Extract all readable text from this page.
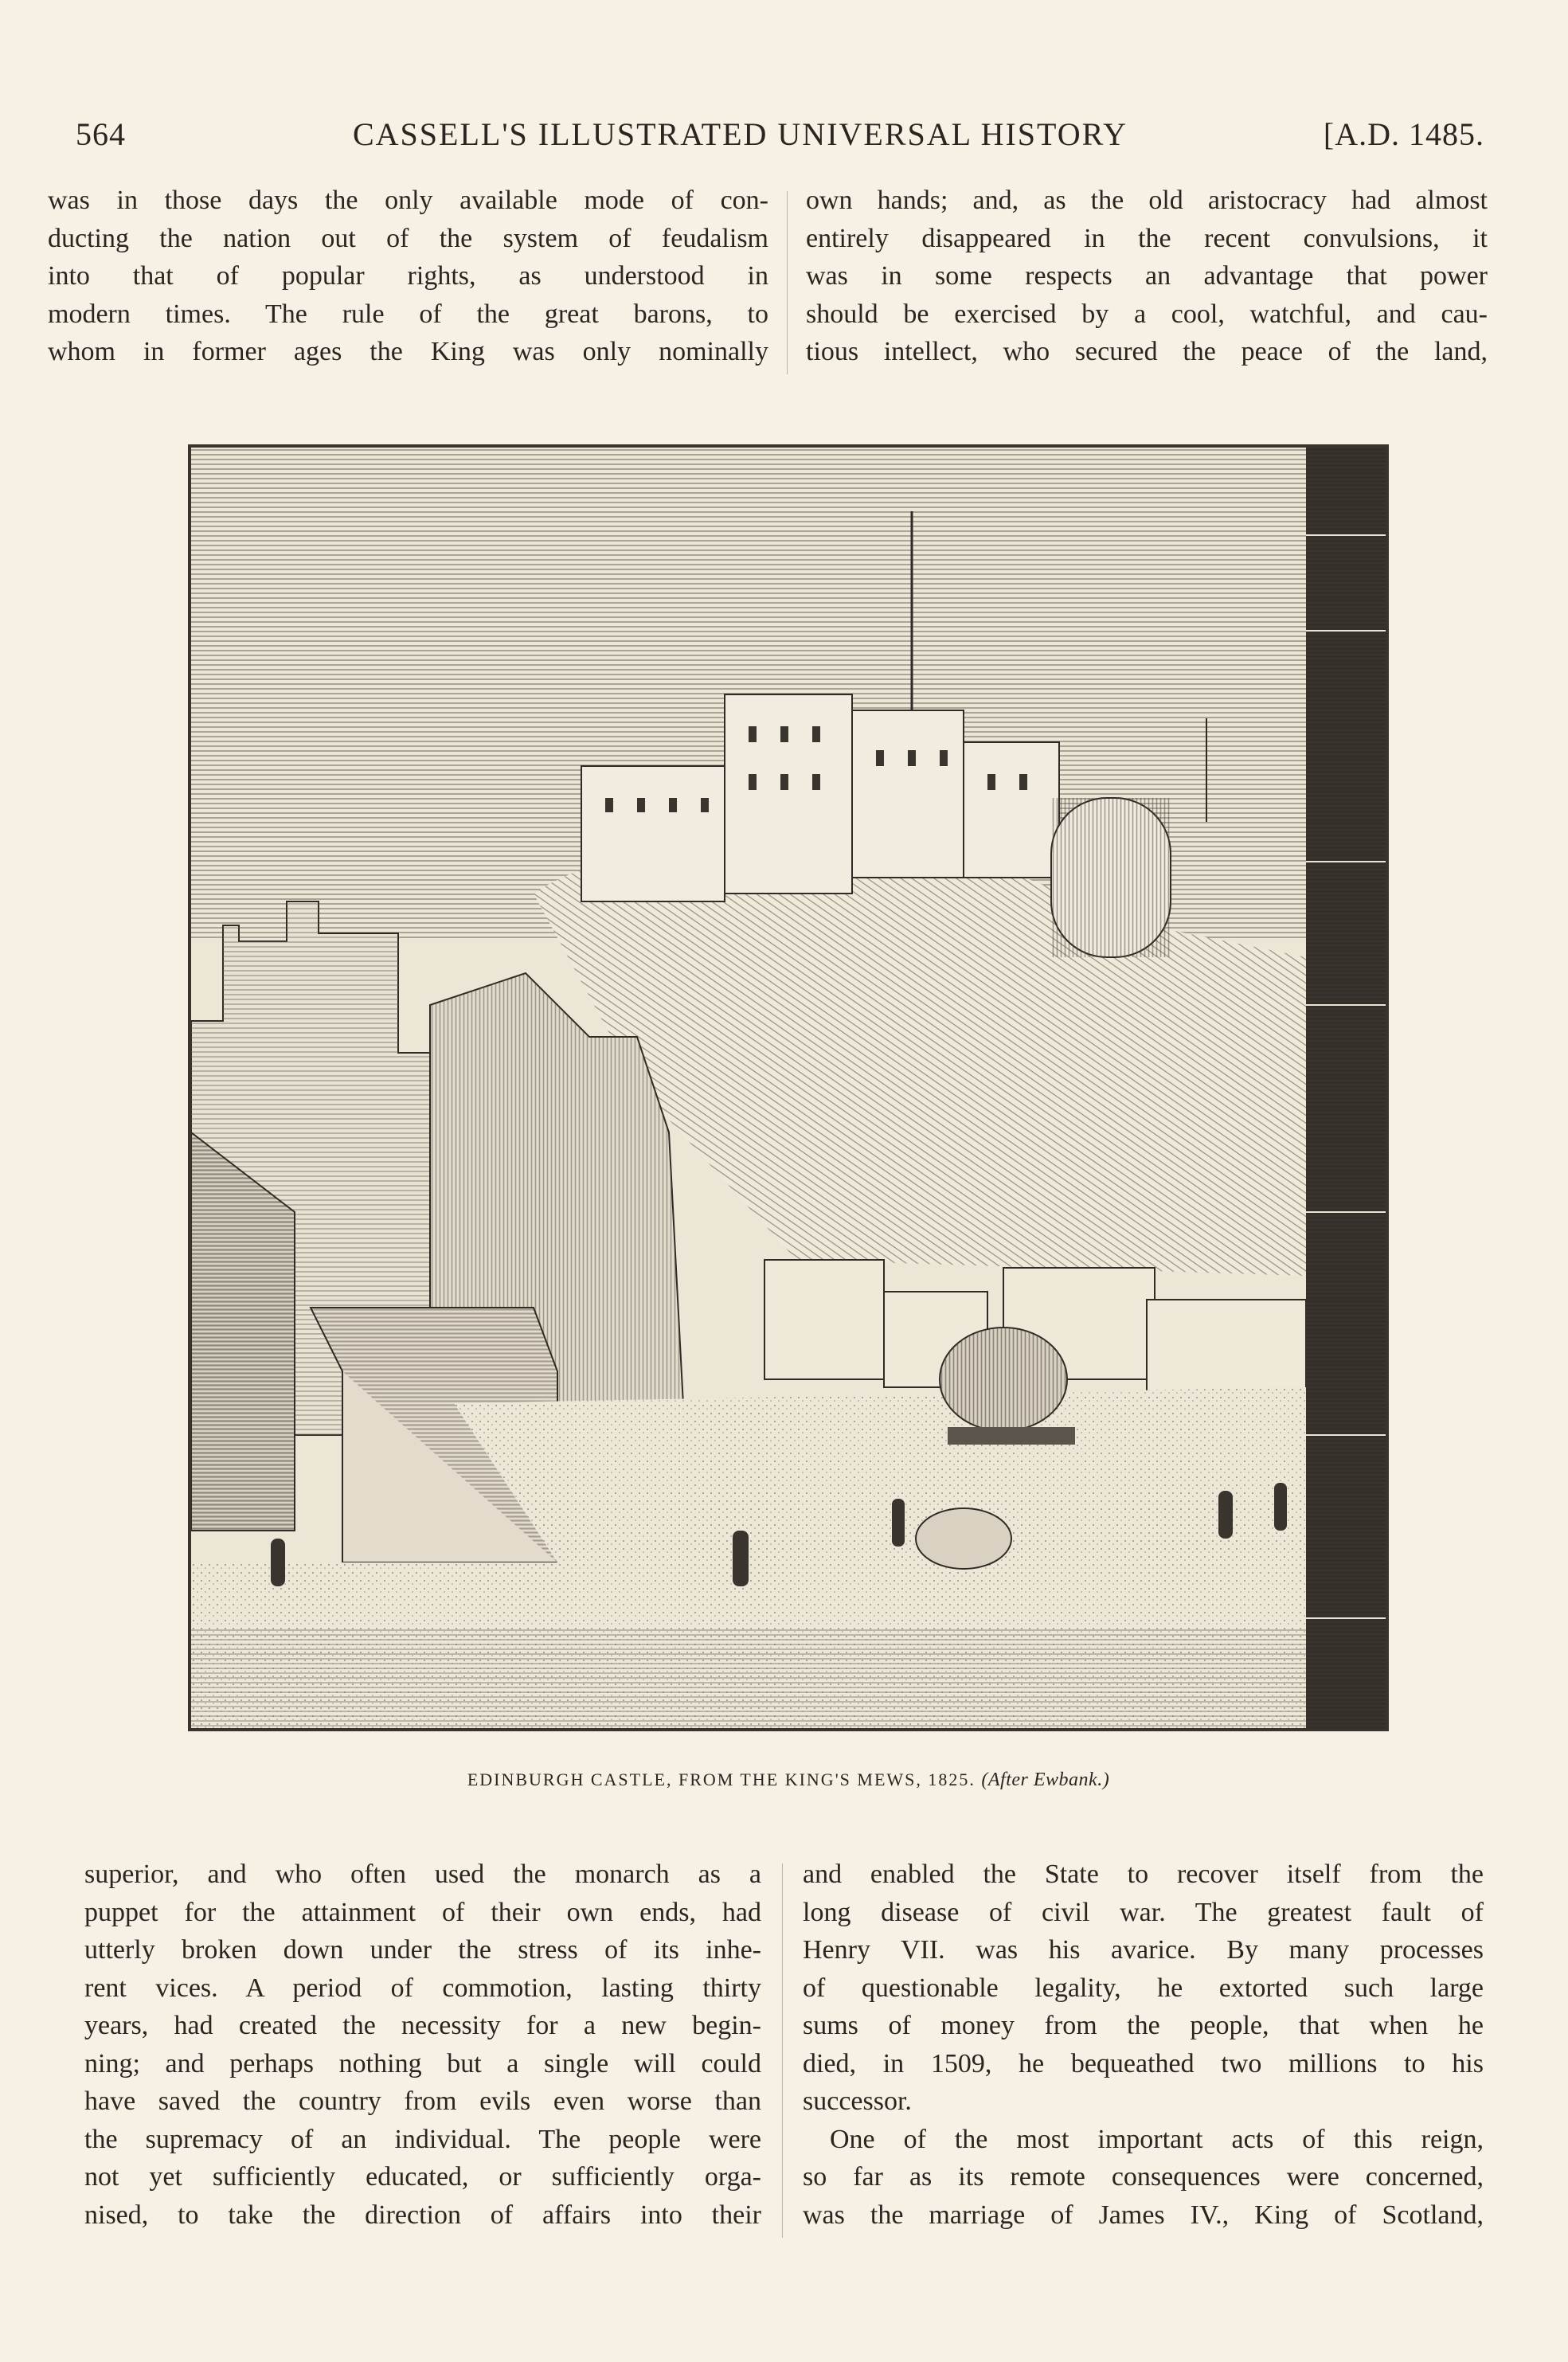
564	CASSELL'S ILLUSTRATED UNIVERSAL HISTORY	[A.D. 1485.
was in those days the only available mode of con-
ducting the nation out of the system of feudalism
into that of popular rights, as understood in
modern times. The rule of the great barons, to
whom in former ages the King was only nominally
own hands; and, as the old aristocracy had almost
entirely disappeared in the recent convulsions, it
was in some respects an advantage that power
should be exercised by a cool, watchful, and cau-
tious intellect, who secured the peace of the land,
EDINBURGH CASTLE, FROM THE KING'S MEWS, 1825. (After Ewbank.)
superior, and who often used the monarch as a
puppet for the attainment of their own ends, had
utterly broken down under the stress of its inhe-
rent vices. A period of commotion, lasting thirty
years, had created the necessity for a new begin-
ning; and perhaps nothing but a single will could
have saved the country from evils even worse than
the supremacy of an individual. The people were
not yet sufficiently educated, or sufficiently orga-
nised, to take the direction of affairs into their
and enabled the State to recover itself from the
long disease of civil war. The greatest fault of
Henry VII. was his avarice. By many processes
of questionable legality, he extorted such large
sums of money from the people, that when he
died, in 1509, he bequeathed two millions to his
successor.
One of the most important acts of this reign,
so far as its remote consequences were concerned,
was the marriage of James IV., King of Scotland,
